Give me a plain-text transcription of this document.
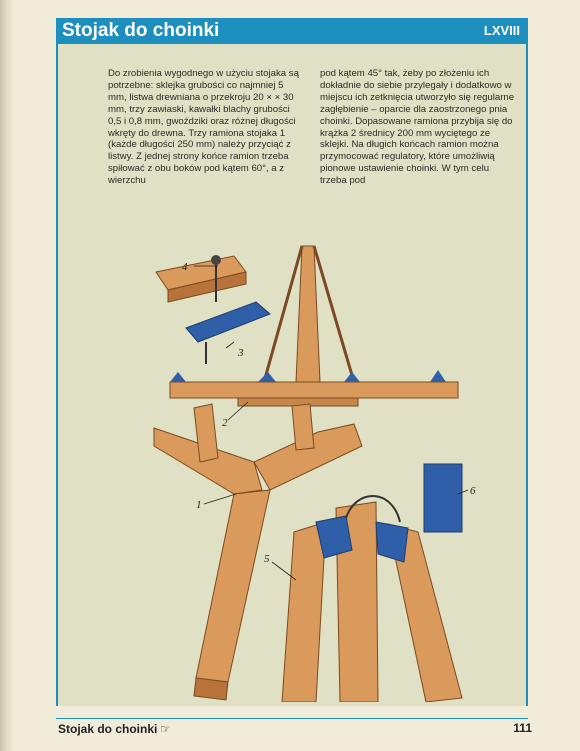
Stojak do choinki	LXVIII

Do zrobienia wygodnego w użyciu stojaka są potrzebne: sklejka grubości co najmniej 5 mm, listwa drewniana o przekroju 20 × × 30 mm, trzy zawiaski, kawałki blachy grubości 0,5 i 0,8 mm, gwoździki oraz różnej długości wkręty do drewna. Trzy ramiona stojaka 1 (każde długości 250 mm) należy przyciąć z listwy. Z jednej strony końce ramion trzeba spiłować z obu boków pod kątem 60°, a z wierzchu

pod kątem 45° tak, żeby po złożeniu ich dokładnie do siebie przylegały i dodatkowo w miejscu ich zetknięcia utworzyło się regularne zagłębienie – oparcie dla zaostrzonego pnia choinki. Dopasowane ramiona przybija się do krążka 2 średnicy 200 mm wyciętego ze sklejki. Na długich końcach ramion można przymocować regulatory, które umożliwią pionowe ustawienie choinki. W tym celu trzeba pod

4
3
2
1
5
6
Stojak do choinki ☞	111
